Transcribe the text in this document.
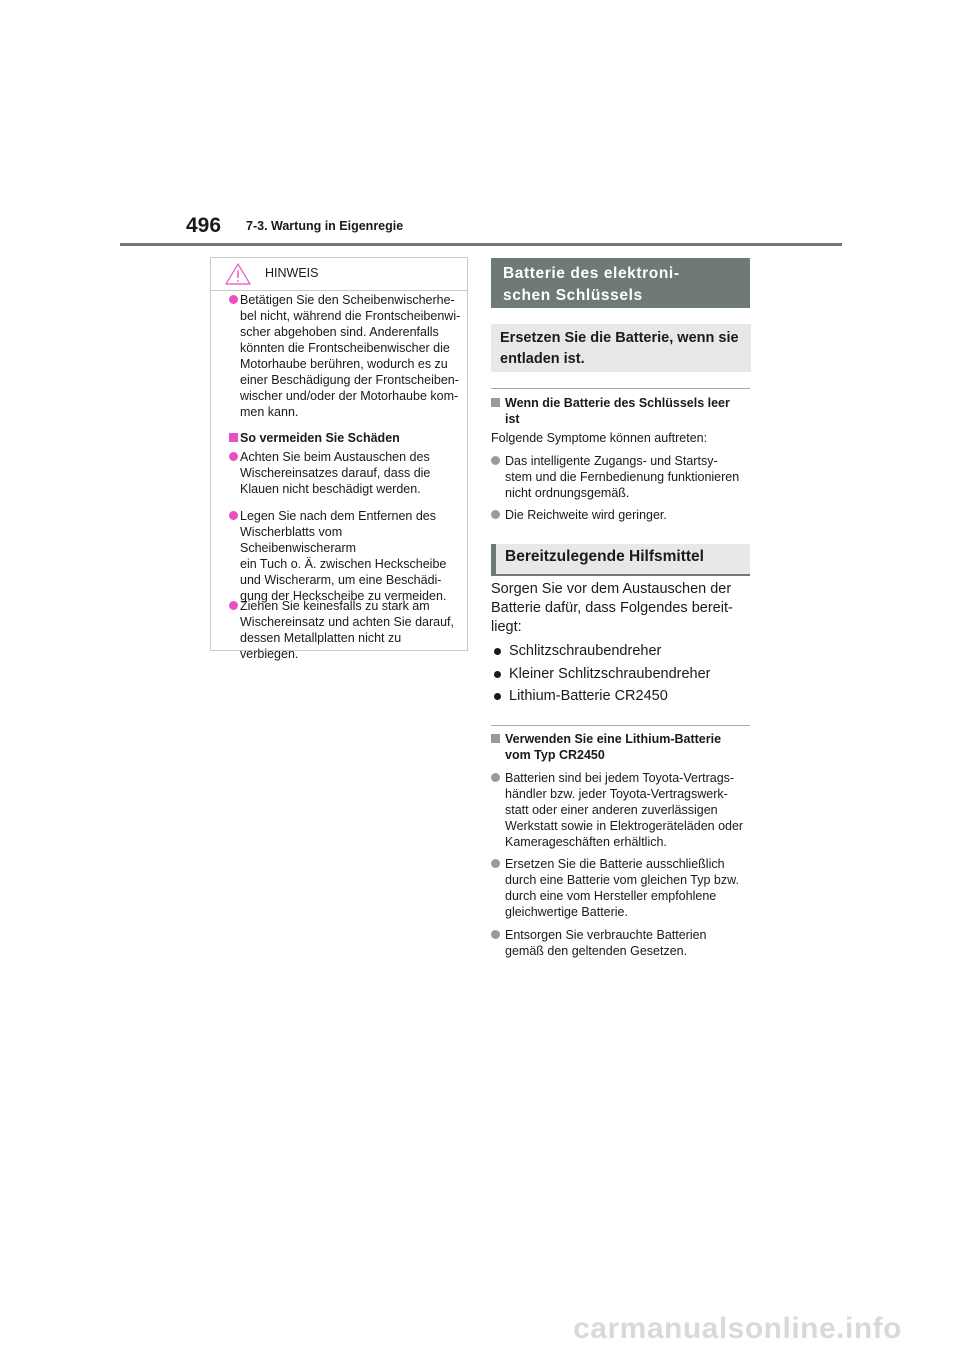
496 7-3. Wartung in Eigenregie
HINWEIS
Betätigen Sie den Scheibenwischerhe-
bel nicht, während die Frontscheibenwi-
scher abgehoben sind. Anderenfalls
könnten die Frontscheibenwischer die
Motorhaube berühren, wodurch es zu
einer Beschädigung der Frontscheiben-
wischer und/oder der Motorhaube kom-
men kann.
So vermeiden Sie Schäden
Achten Sie beim Austauschen des
Wischereinsatzes darauf, dass die
Klauen nicht beschädigt werden.
Legen Sie nach dem Entfernen des
Wischerblatts vom Scheibenwischerarm
ein Tuch o. Ä. zwischen Heckscheibe
und Wischerarm, um eine Beschädi-
gung der Heckscheibe zu vermeiden.
Ziehen Sie keinesfalls zu stark am
Wischereinsatz und achten Sie darauf,
dessen Metallplatten nicht zu verbiegen.
Batterie des elektroni-
schen Schlüssels
Ersetzen Sie die Batterie, wenn sie
entladen ist.
Wenn die Batterie des Schlüssels leer
ist
Folgende Symptome können auftreten:
Das intelligente Zugangs- und Startsy-
stem und die Fernbedienung funktionieren
nicht ordnungsgemäß.
Die Reichweite wird geringer.
Bereitzulegende Hilfsmittel
Sorgen Sie vor dem Austauschen der
Batterie dafür, dass Folgendes bereit-
liegt:
Schlitzschraubendreher
Kleiner Schlitzschraubendreher
Lithium-Batterie CR2450
Verwenden Sie eine Lithium-Batterie
vom Typ CR2450
Batterien sind bei jedem Toyota-Vertrags-
händler bzw. jeder Toyota-Vertragswerk-
statt oder einer anderen zuverlässigen
Werkstatt sowie in Elektrogeräteläden oder
Kamerageschäften erhältlich.
Ersetzen Sie die Batterie ausschließlich
durch eine Batterie vom gleichen Typ bzw.
durch eine vom Hersteller empfohlene
gleichwertige Batterie.
Entsorgen Sie verbrauchte Batterien
gemäß den geltenden Gesetzen.
carmanualsonline.info
